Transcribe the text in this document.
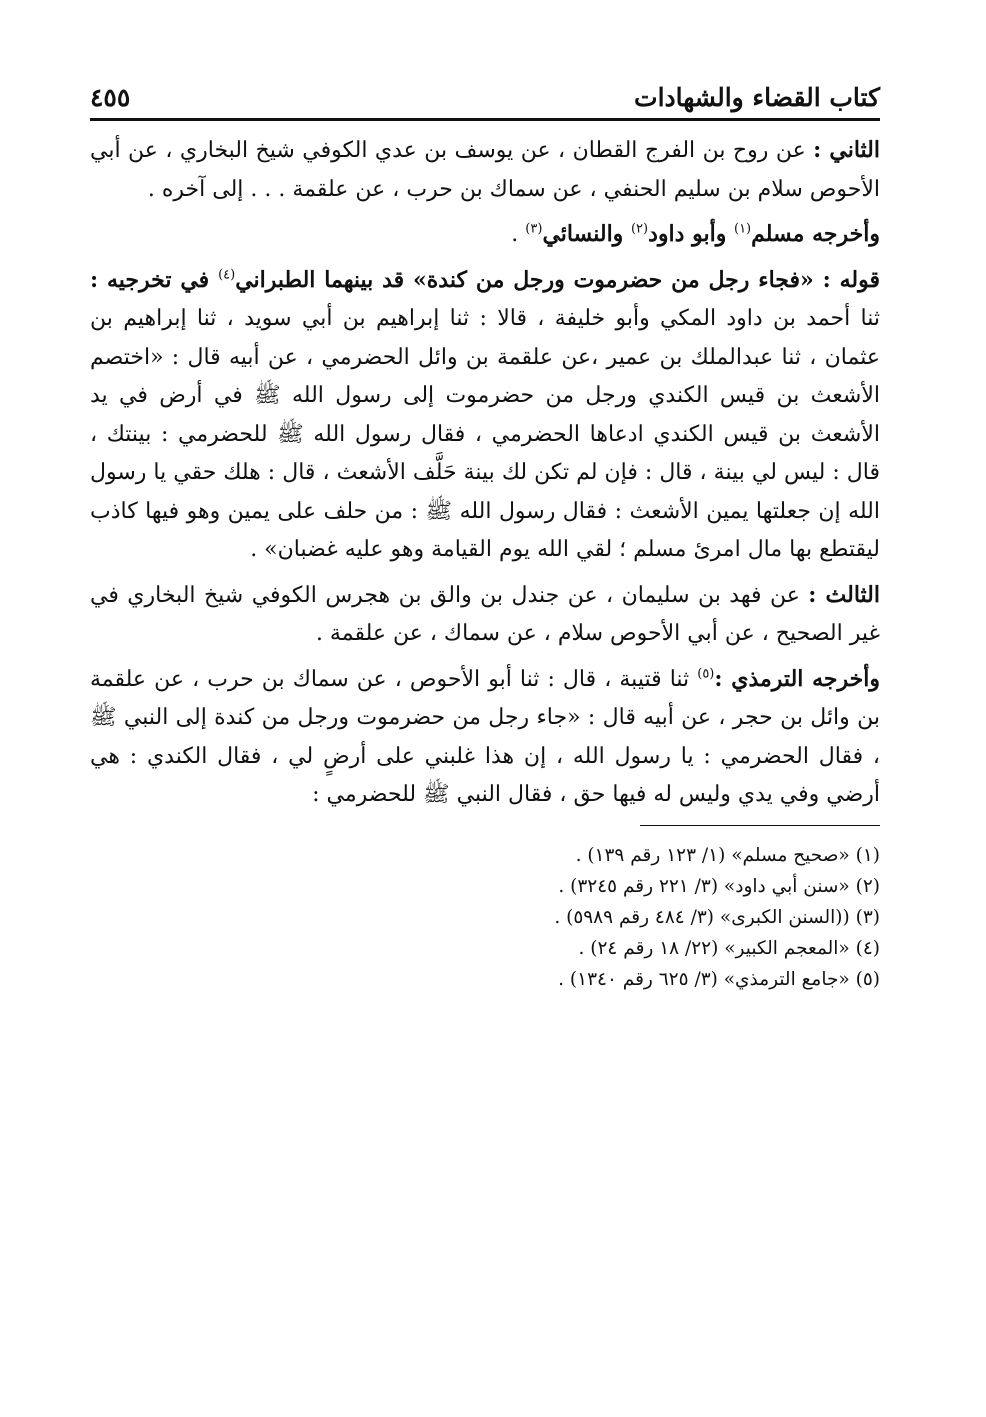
كتاب القضاء والشهادات
٤٥٥

الثاني : عن روح بن الفرج القطان ، عن يوسف بن عدي الكوفي شيخ البخاري ، عن أبي الأحوص سلام بن سليم الحنفي ، عن سماك بن حرب ، عن علقمة . . . إلى آخره .

وأخرجه مسلم$^{(١)}$ وأبو داود$^{(٢)}$ والنسائي$^{(٣)}$ .

قوله : «فجاء رجل من حضرموت ورجل من كندة» قد بينهما الطبراني$^{(٤)}$ في تخرجيه : ثنا أحمد بن داود المكي وأبو خليفة ، قالا : ثنا إبراهيم بن أبي سويد ، ثنا إبراهيم بن عثمان ، ثنا عبدالملك بن عمير ،عن علقمة بن وائل الحضرمي ، عن أبيه قال : «اختصم الأشعث بن قيس الكندي ورجل من حضرموت إلى رسول الله ﷺ في أرض في يد الأشعث بن قيس الكندي ادعاها الحضرمي ، فقال رسول الله ﷺ للحضرمي : بينتك ، قال : ليس لي بينة ، قال : فإن لم تكن لك بينة حَلَّف الأشعث ، قال : هلك حقي يا رسول الله إن جعلتها يمين الأشعث : فقال رسول الله ﷺ : من حلف على يمين وهو فيها كاذب ليقتطع بها مال امرئ مسلم ؛ لقي الله يوم القيامة وهو عليه غضبان» .

الثالث : عن فهد بن سليمان ، عن جندل بن والق بن هجرس الكوفي شيخ البخاري في غير الصحيح ، عن أبي الأحوص سلام ، عن سماك ، عن علقمة .

وأخرجه الترمذي :$^{(٥)}$ ثنا قتيبة ، قال : ثنا أبو الأحوص ، عن سماك بن حرب ، عن علقمة بن وائل بن حجر ، عن أبيه قال : «جاء رجل من حضرموت ورجل من كندة إلى النبي ﷺ ، فقال الحضرمي : يا رسول الله ، إن هذا غلبني على أرضٍ لي ، فقال الكندي : هي أرضي وفي يدي وليس له فيها حق ، فقال النبي ﷺ للحضرمي :

(١) «صحيح مسلم» (١/ ١٢٣ رقم ١٣٩) .

(٢) «سنن أبي داود» (٣/ ٢٢١ رقم ٣٢٤٥) .

(٣) ((السنن الكبرى» (٣/ ٤٨٤ رقم ٥٩٨٩) .

(٤) «المعجم الكبير» (٢٢/ ١٨ رقم ٢٤) .

(٥) «جامع الترمذي» (٣/ ٦٢٥ رقم ١٣٤٠) .
